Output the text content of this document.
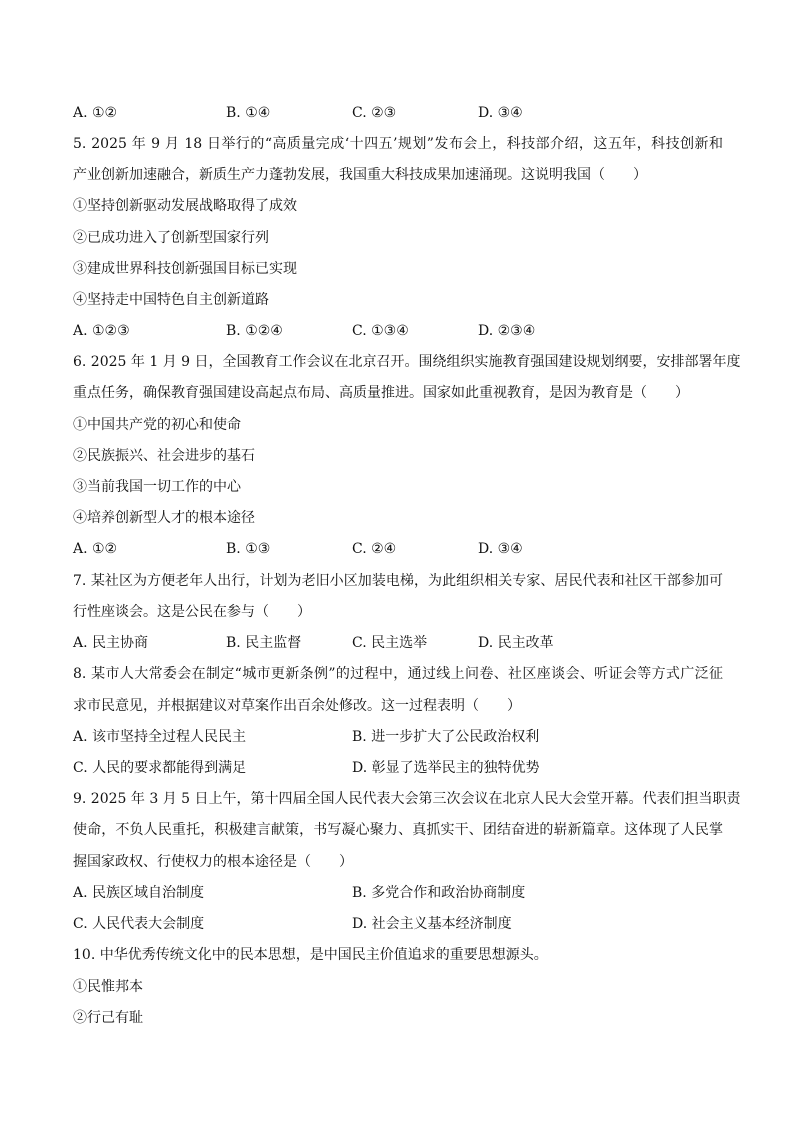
A. ①②	B. ①④	C. ②③	D. ③④
5. 2025 年 9 月 18 日举行的“高质量完成‘十四五’规划”发布会上，科技部介绍，这五年，科技创新和
产业创新加速融合，新质生产力蓬勃发展，我国重大科技成果加速涌现。这说明我国（　　）
①坚持创新驱动发展战略取得了成效
②已成功进入了创新型国家行列
③建成世界科技创新强国目标已实现
④坚持走中国特色自主创新道路
A. ①②③	B. ①②④	C. ①③④	D. ②③④
6. 2025 年 1 月 9 日，全国教育工作会议在北京召开。围绕组织实施教育强国建设规划纲要，安排部署年度
重点任务，确保教育强国建设高起点布局、高质量推进。国家如此重视教育，是因为教育是（　　）
①中国共产党的初心和使命
②民族振兴、社会进步的基石
③当前我国一切工作的中心
④培养创新型人才的根本途径
A. ①②	B. ①③	C. ②④	D. ③④
7. 某社区为方便老年人出行，计划为老旧小区加装电梯，为此组织相关专家、居民代表和社区干部参加可
行性座谈会。这是公民在参与（　　）
A. 民主协商	B. 民主监督	C. 民主选举	D. 民主改革
8. 某市人大常委会在制定“城市更新条例”的过程中，通过线上问卷、社区座谈会、听证会等方式广泛征
求市民意见，并根据建议对草案作出百余处修改。这一过程表明（　　）
A. 该市坚持全过程人民民主	B. 进一步扩大了公民政治权利
C. 人民的要求都能得到满足	D. 彰显了选举民主的独特优势
9. 2025 年 3 月 5 日上午，第十四届全国人民代表大会第三次会议在北京人民大会堂开幕。代表们担当职责
使命，不负人民重托，积极建言献策，书写凝心聚力、真抓实干、团结奋进的崭新篇章。这体现了人民掌
握国家政权、行使权力的根本途径是（　　）
A. 民族区域自治制度	B. 多党合作和政治协商制度
C. 人民代表大会制度	D. 社会主义基本经济制度
10. 中华优秀传统文化中的民本思想，是中国民主价值追求的重要思想源头。
①民惟邦本
②行己有耻
